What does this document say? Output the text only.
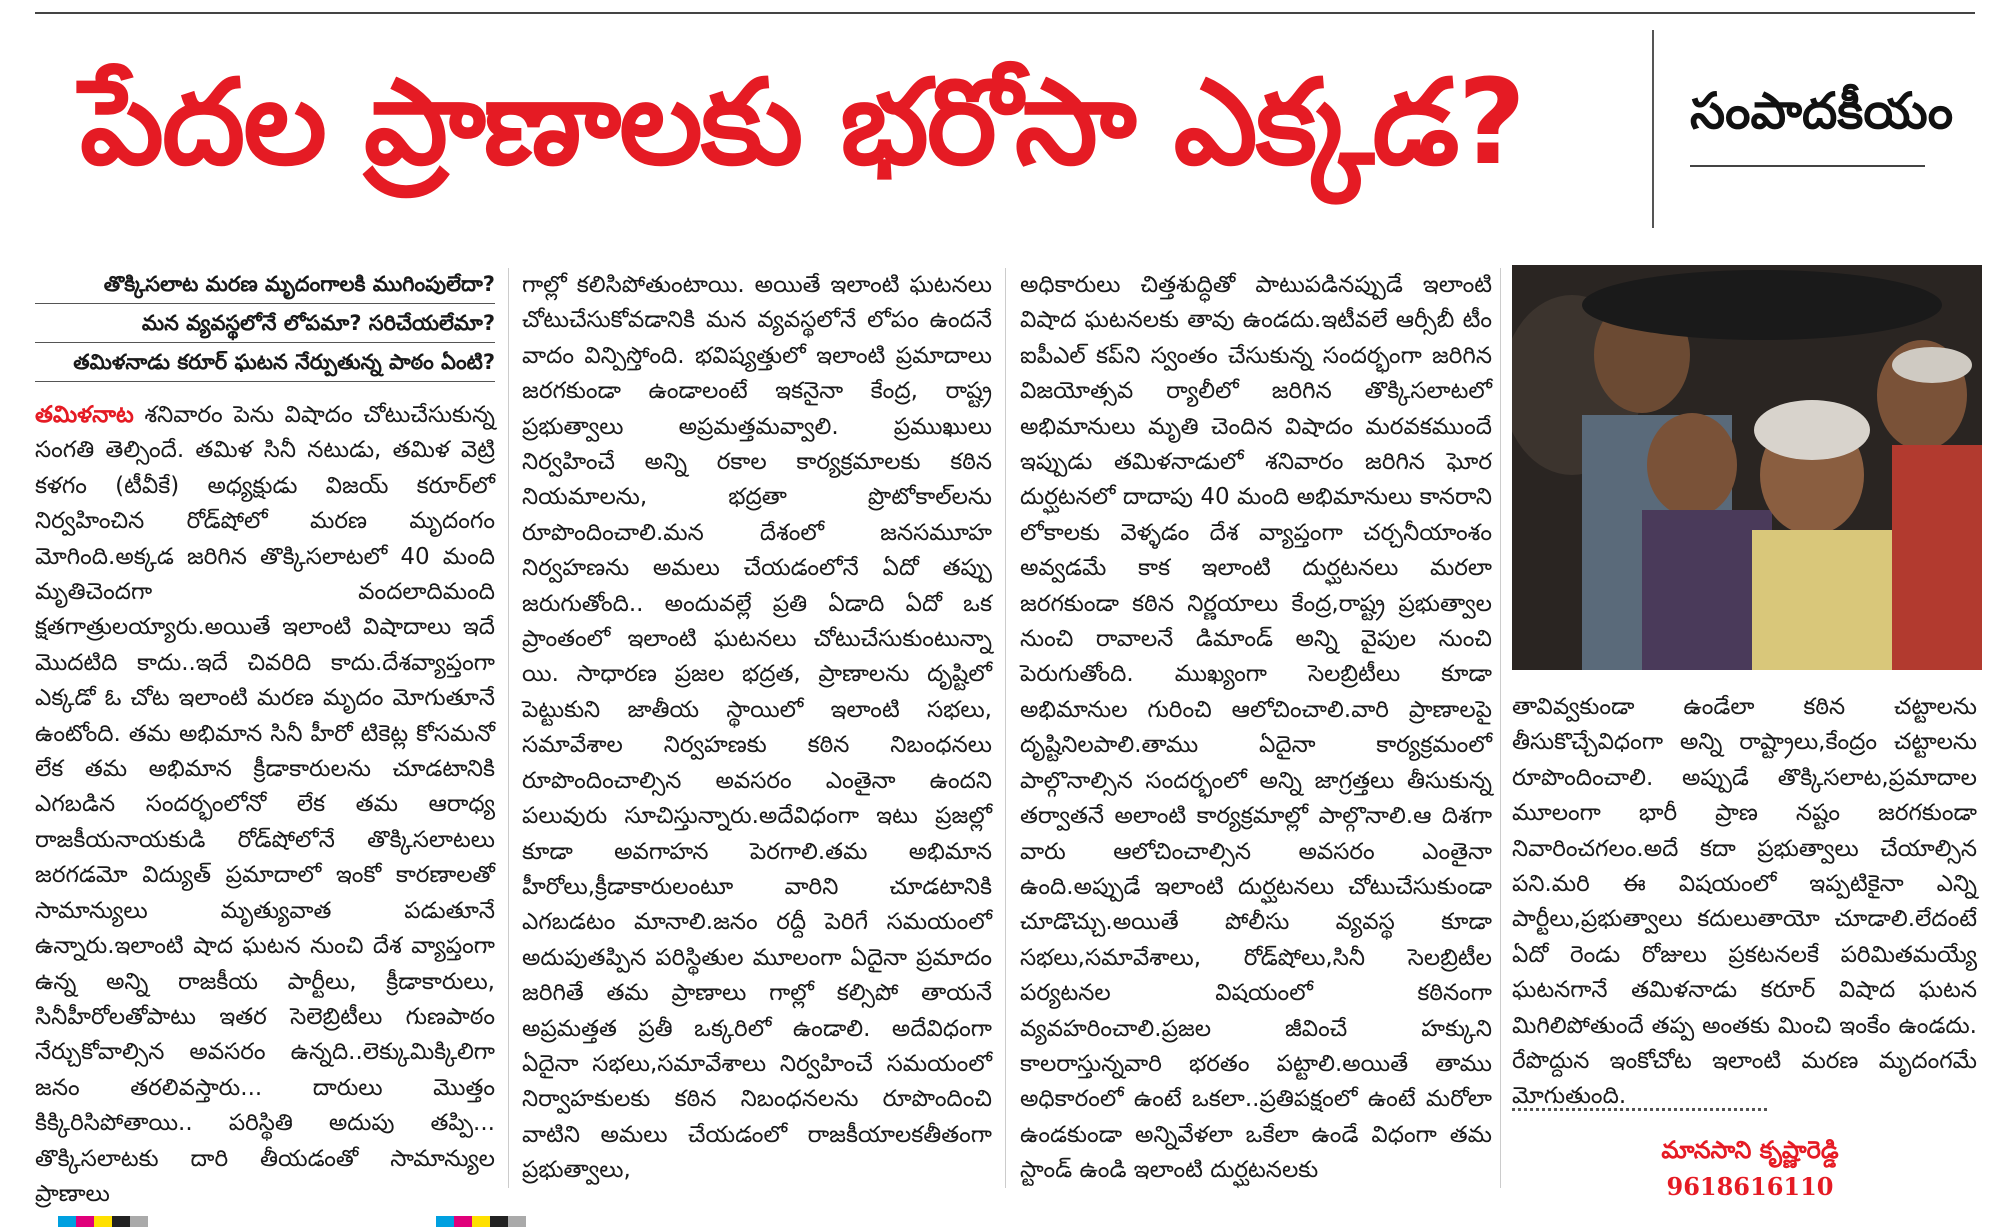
పేదల ప్రాణాలకు భరోసా ఎక్కడ?	సంపాదకీయం
తొక్కిసలాట మరణ మృదంగాలకి ముగింపులేదా?
మన వ్యవస్థలోనే లోపమా? సరిచేయలేమా?
తమిళనాడు కరూర్ ఘటన నేర్పుతున్న పాఠం ఏంటి?

తమిళనాట శనివారం పెను విషాదం చోటుచేసుకున్న సంగతి తెల్సిందే. తమిళ సినీ నటుడు, తమిళ వెట్రి కళగం (టీవీకే) అధ్యక్షుడు విజయ్ కరూర్‌లో నిర్వహించిన రోడ్‌షోలో మరణ మృదంగం మోగింది.అక్కడ జరిగిన తొక్కిసలాటలో 40 మంది మృతిచెందగా వందలాదిమంది క్షతగాత్రులయ్యారు.అయితే ఇలాంటి విషాదాలు ఇదే మొదటిది కాదు..ఇదే చివరిది కాదు.దేశవ్యాప్తంగా ఎక్కడో ఓ చోట ఇలాంటి మరణ మృదం మోగుతూనే ఉంటోంది. తమ అభిమాన సినీ హీరో టికెట్ల కోసమనో లేక తమ అభిమాన క్రీడాకారులను చూడటానికి ఎగబడిన సందర్భంలోనో లేక తమ ఆరాధ్య రాజకీయనాయకుడి రోడ్‌షోలోనే తొక్కిసలాటలు జరగడమో విద్యుత్ ప్రమాదాలో ఇంకో కారణాలతో సామాన్యులు మృత్యువాత పడుతూనే ఉన్నారు.ఇలాంటి షాద ఘటన నుంచి దేశ వ్యాప్తంగా ఉన్న అన్ని రాజకీయ పార్టీలు, క్రీడాకారులు, సినీహీరోలతోపాటు ఇతర సెలెబ్రిటీలు గుణపాఠం నేర్చుకోవాల్సిన అవసరం ఉన్నది..లెక్కుమిక్కిలిగా జనం తరలివస్తారు... దారులు మొత్తం కిక్కిరిసిపోతాయి.. పరిస్థితి అదుపు తప్పి... తొక్కిసలాటకు దారి తీయడంతో సామాన్యుల ప్రాణాలు

గాల్లో కలిసిపోతుంటాయి. అయితే ఇలాంటి ఘటనలు చోటుచేసుకోవడానికి మన వ్యవస్థలోనే లోపం ఉందనే వాదం విన్పిస్తోంది. భవిష్యత్తులో ఇలాంటి ప్రమాదాలు జరగకుండా ఉండాలంటే ఇకనైనా కేంద్ర, రాష్ట్ర ప్రభుత్వాలు అప్రమత్తమవ్వాలి. ప్రముఖులు నిర్వహించే అన్ని రకాల కార్యక్రమాలకు కఠిన నియమాలను, భద్రతా ప్రొటోకాల్‌లను రూపొందించాలి.మన దేశంలో జనసమూహ నిర్వహణను అమలు చేయడంలోనే ఏదో తప్పు జరుగుతోంది.. అందువల్లే ప్రతి ఏడాది ఏదో ఒక ప్రాంతంలో ఇలాంటి ఘటనలు చోటుచేసుకుంటున్నా యి. సాధారణ ప్రజల భద్రత, ప్రాణాలను దృష్టిలో పెట్టుకుని జాతీయ స్థాయిలో ఇలాంటి సభలు, సమావేశాల నిర్వహణకు కఠిన నిబంధనలు రూపొందించాల్సిన అవసరం ఎంతైనా ఉందని పలువురు సూచిస్తున్నారు.అదేవిధంగా ఇటు ప్రజల్లో కూడా అవగాహన పెరగాలి.తమ అభిమాన హీరోలు,క్రీడాకారులంటూ వారిని చూడటానికి ఎగబడటం మానాలి.జనం రద్దీ పెరిగే సమయంలో అదుపుతప్పిన పరిస్థితుల మూలంగా ఏదైనా ప్రమాదం జరిగితే తమ ప్రాణాలు గాల్లో కల్సిపో తాయనే అప్రమత్తత ప్రతీ ఒక్కరిలో ఉండాలి. అదేవిధంగా ఏదైనా సభలు,సమావేశాలు నిర్వహించే సమయంలో నిర్వాహకులకు కఠిన నిబంధనలను రూపొందించి వాటిని అమలు చేయడంలో రాజకీయాలకతీతంగా ప్రభుత్వాలు,

అధికారులు చిత్తశుద్ధితో పాటుపడినప్పుడే ఇలాంటి విషాద ఘటనలకు తావు ఉండదు.ఇటీవలే ఆర్సీబీ టీం ఐపీఎల్ కప్‌ని స్వంతం చేసుకున్న సందర్భంగా జరిగిన విజయోత్సవ ర్యాలీలో జరిగిన తొక్కిసలాటలో అభిమానులు మృతి చెందిన విషాదం మరవకముందే ఇప్పుడు తమిళనాడులో శనివారం జరిగిన ఘోర దుర్ఘటనలో దాదాపు 40 మంది అభిమానులు కానరాని లోకాలకు వెళ్ళడం దేశ వ్యాప్తంగా చర్చనీయాంశం అవ్వడమే కాక ఇలాంటి దుర్ఘటనలు మరలా జరగకుండా కఠిన నిర్ణయాలు కేంద్ర,రాష్ట్ర ప్రభుత్వాల నుంచి రావాలనే డిమాండ్ అన్ని వైపుల నుంచి పెరుగుతోంది. ముఖ్యంగా సెలబ్రిటీలు కూడా అభిమానుల గురించి ఆలోచించాలి.వారి ప్రాణాలపై దృష్టినిలపాలి.తాము ఏదైనా కార్యక్రమంలో పాల్గొనాల్సిన సందర్భంలో అన్ని జాగ్రత్తలు తీసుకున్న తర్వాతనే అలాంటి కార్యక్రమాల్లో పాల్గొనాలి.ఆ దిశగా వారు ఆలోచించాల్సిన అవసరం ఎంతైనా ఉంది.అప్పుడే ఇలాంటి దుర్ఘటనలు చోటుచేసుకుండా చూడొచ్చు.అయితే పోలీసు వ్యవస్థ కూడా సభలు,సమావేశాలు, రోడ్‌షోలు,సినీ సెలబ్రిటీల పర్యటనల విషయంలో కఠినంగా వ్యవహరించాలి.ప్రజల జీవించే హక్కుని కాలరాస్తున్నవారి భరతం పట్టాలి.అయితే తాము అధికారంలో ఉంటే ఒకలా..ప్రతిపక్షంలో ఉంటే మరోలా ఉండకుండా అన్నివేళలా ఒకేలా ఉండే విధంగా తమ స్టాండ్ ఉండి ఇలాంటి దుర్ఘటనలకు

తావివ్వకుండా ఉండేలా కఠిన చట్టాలను తీసుకొచ్చేవిధంగా అన్ని రాష్ట్రాలు,కేంద్రం చట్టాలను రూపొందించాలి. అప్పుడే తొక్కిసలాట,ప్రమాదాల మూలంగా భారీ ప్రాణ నష్టం జరగకుండా నివారించగలం.అదే కదా ప్రభుత్వాలు చేయాల్సిన పని.మరి ఈ విషయంలో ఇప్పటికైనా ఎన్ని పార్టీలు,ప్రభుత్వాలు కదులుతాయో చూడాలి.లేదంటే ఏదో రెండు రోజులు ప్రకటనలకే పరిమితమయ్యే ఘటనగానే తమిళనాడు కరూర్ విషాద ఘటన మిగిలిపోతుందే తప్ప అంతకు మించి ఇంకేం ఉండదు. రేపొద్దున ఇంకోచోట ఇలాంటి మరణ మృదంగమే మోగుతుంది.

మానసాని కృష్ణారెడ్డి
9618616110
